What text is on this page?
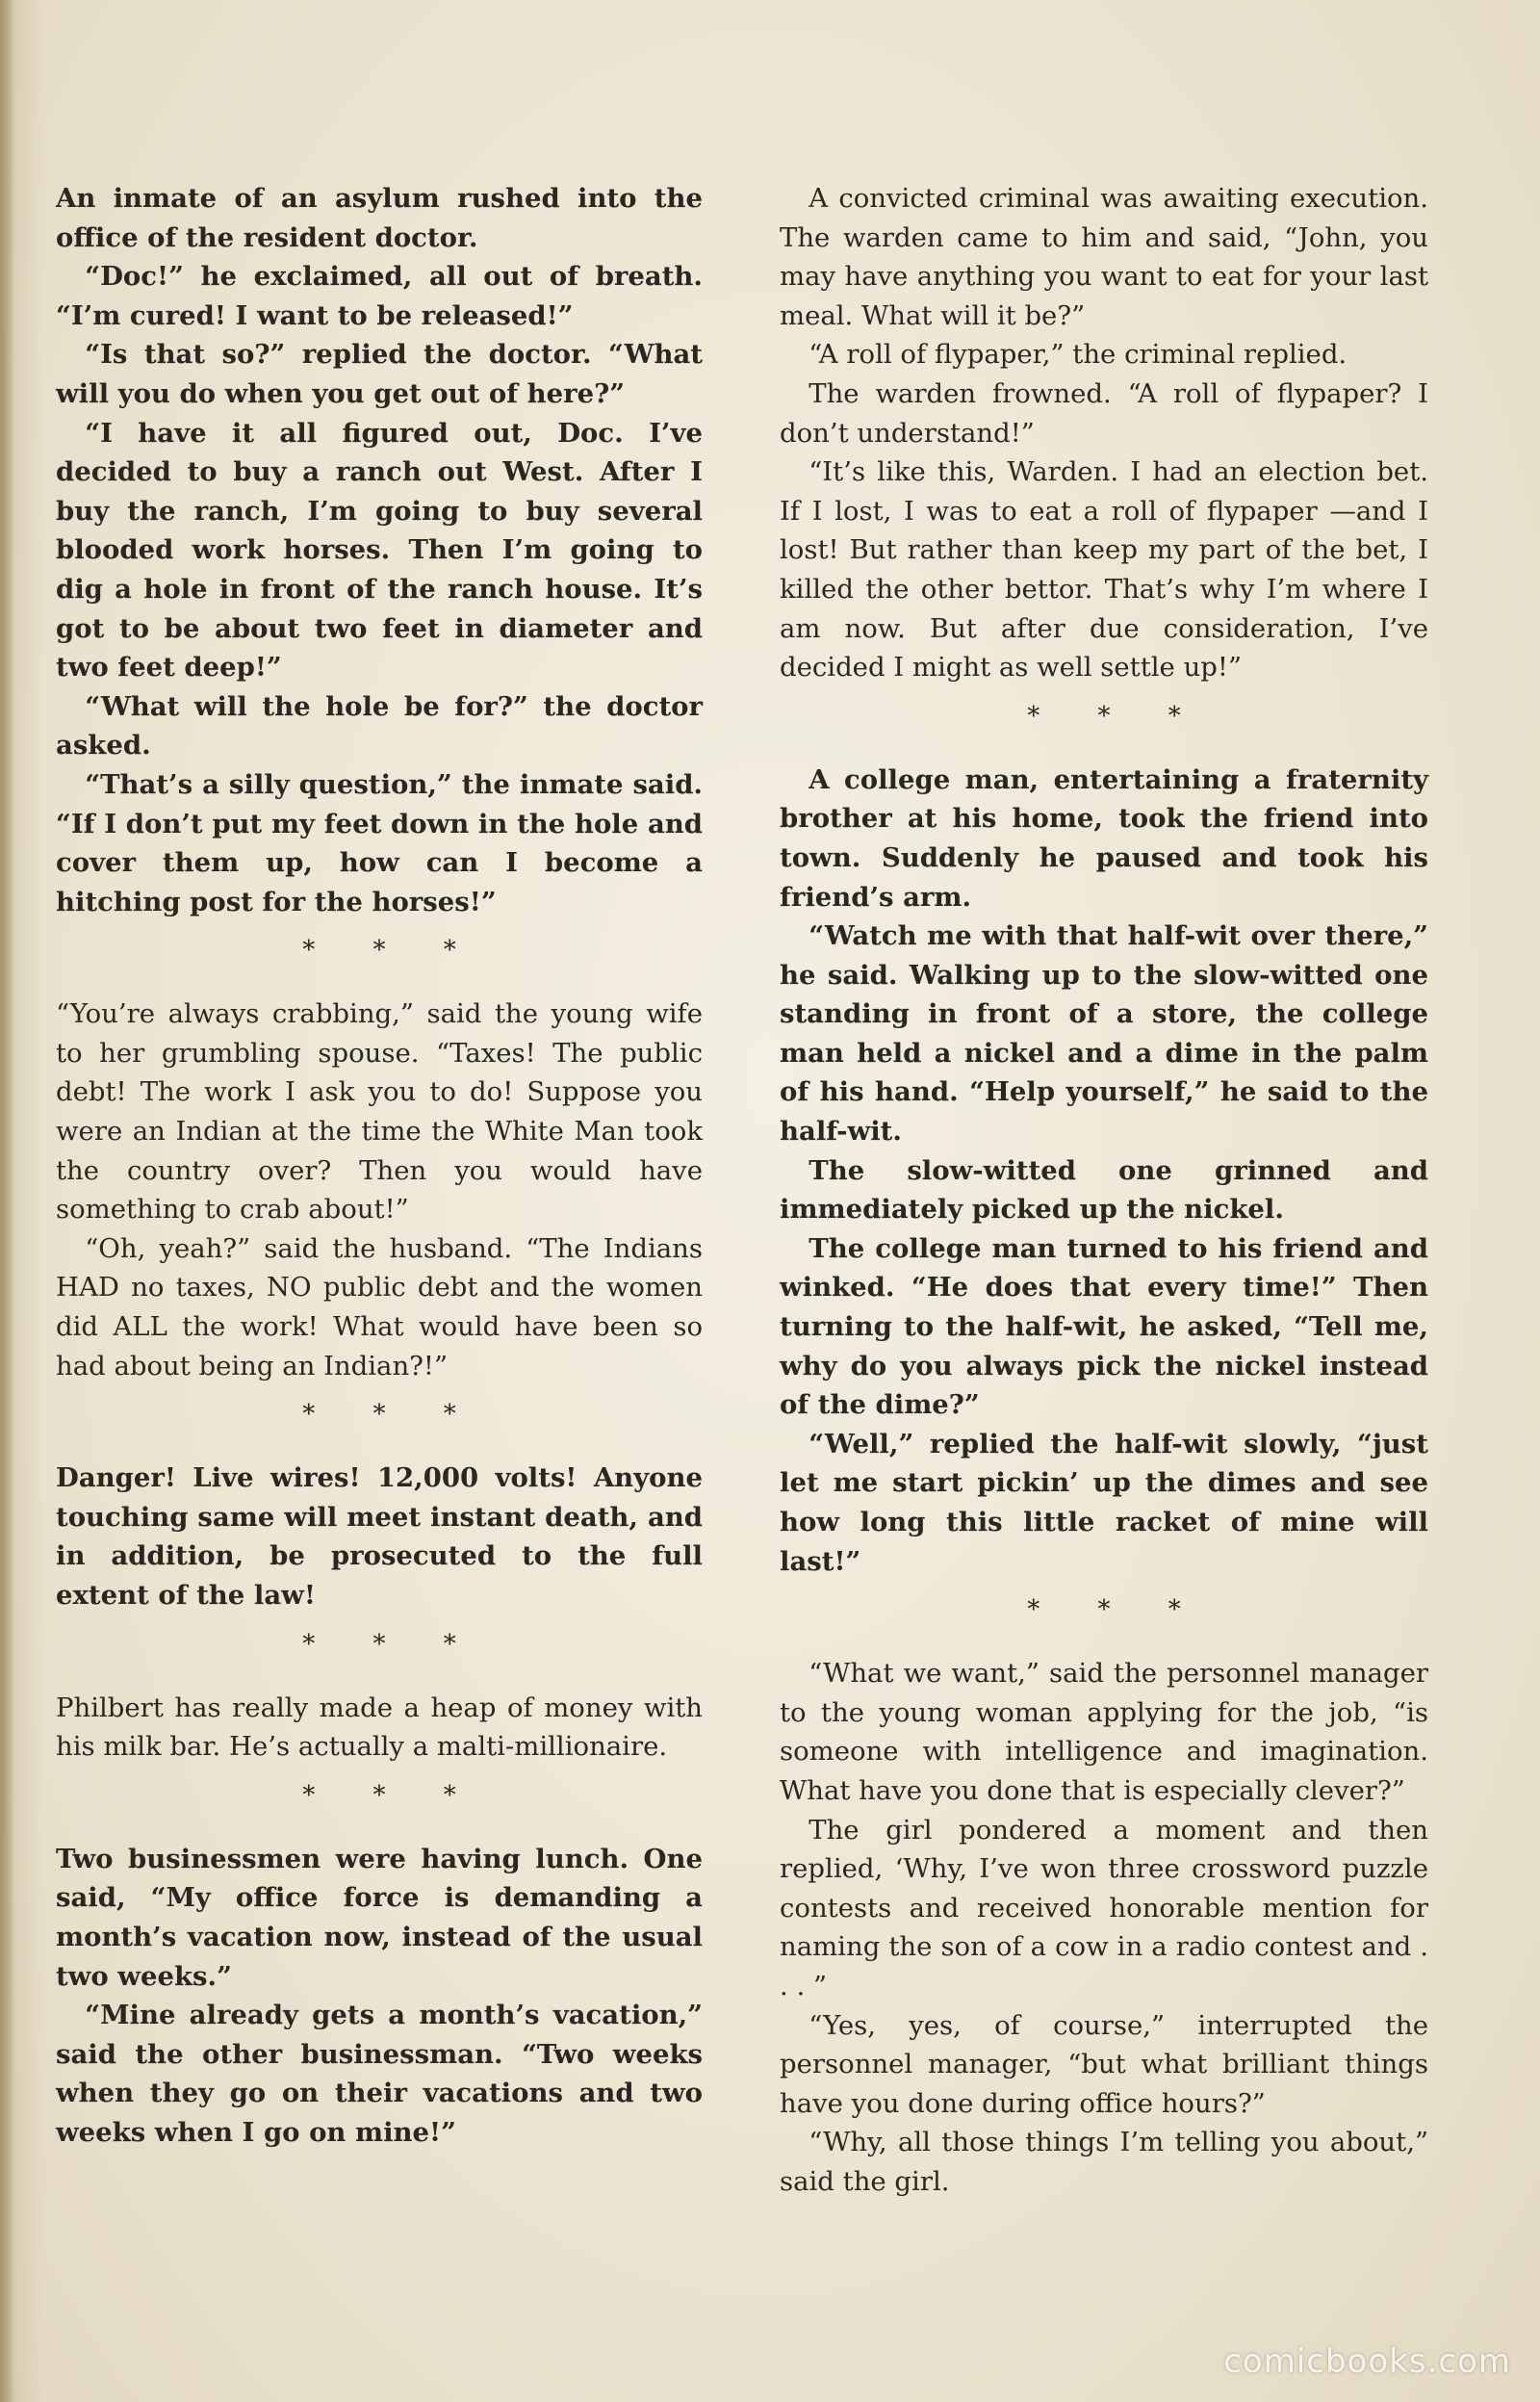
An inmate of an asylum rushed into the office of the resident doctor.

“Doc!” he exclaimed, all out of breath. “I’m cured! I want to be released!”

“Is that so?” replied the doctor. “What will you do when you get out of here?”

“I have it all figured out, Doc. I’ve decided to buy a ranch out West. After I buy the ranch, I’m going to buy several blooded work horses. Then I’m going to dig a hole in front of the ranch house. It’s got to be about two feet in diameter and two feet deep!”

“What will the hole be for?” the doctor asked.

“That’s a silly question,” the inmate said. “If I don’t put my feet down in the hole and cover them up, how can I become a hitching post for the horses!”

* * *

“You’re always crabbing,” said the young wife to her grumbling spouse. “Taxes! The public debt! The work I ask you to do! Suppose you were an Indian at the time the White Man took the country over? Then you would have something to crab about!”

“Oh, yeah?” said the husband. “The Indians HAD no taxes, NO public debt and the women did ALL the work! What would have been so had about being an Indian?!”

* * *

Danger! Live wires! 12,000 volts! Anyone touching same will meet instant death, and in addition, be prosecuted to the full extent of the law!

* * *

Philbert has really made a heap of money with his milk bar. He’s actually a malti-millionaire.

* * *

Two businessmen were having lunch. One said, “My office force is demanding a month’s vacation now, instead of the usual two weeks.”

“Mine already gets a month’s vacation,” said the other businessman. “Two weeks when they go on their vacations and two weeks when I go on mine!”

A convicted criminal was awaiting execution. The warden came to him and said, “John, you may have anything you want to eat for your last meal. What will it be?”

“A roll of flypaper,” the criminal replied.

The warden frowned. “A roll of flypaper? I don’t understand!”

“It’s like this, Warden. I had an election bet. If I lost, I was to eat a roll of flypaper —and I lost! But rather than keep my part of the bet, I killed the other bettor. That’s why I’m where I am now. But after due consideration, I’ve decided I might as well settle up!”

* * *

A college man, entertaining a fraternity brother at his home, took the friend into town. Suddenly he paused and took his friend’s arm.

“Watch me with that half-wit over there,” he said. Walking up to the slow-witted one standing in front of a store, the college man held a nickel and a dime in the palm of his hand. “Help yourself,” he said to the half-wit.

The slow-witted one grinned and immediately picked up the nickel.

The college man turned to his friend and winked. “He does that every time!” Then turning to the half-wit, he asked, “Tell me, why do you always pick the nickel instead of the dime?”

“Well,” replied the half-wit slowly, “just let me start pickin’ up the dimes and see how long this little racket of mine will last!”

* * *

“What we want,” said the personnel manager to the young woman applying for the job, “is someone with intelligence and imagination. What have you done that is especially clever?”

The girl pondered a moment and then replied, ‘Why, I’ve won three crossword puzzle contests and received honorable mention for naming the son of a cow in a radio contest and . . . ”

“Yes, yes, of course,” interrupted the personnel manager, “but what brilliant things have you done during office hours?”

“Why, all those things I’m telling you about,” said the girl.

comicbooks.com
